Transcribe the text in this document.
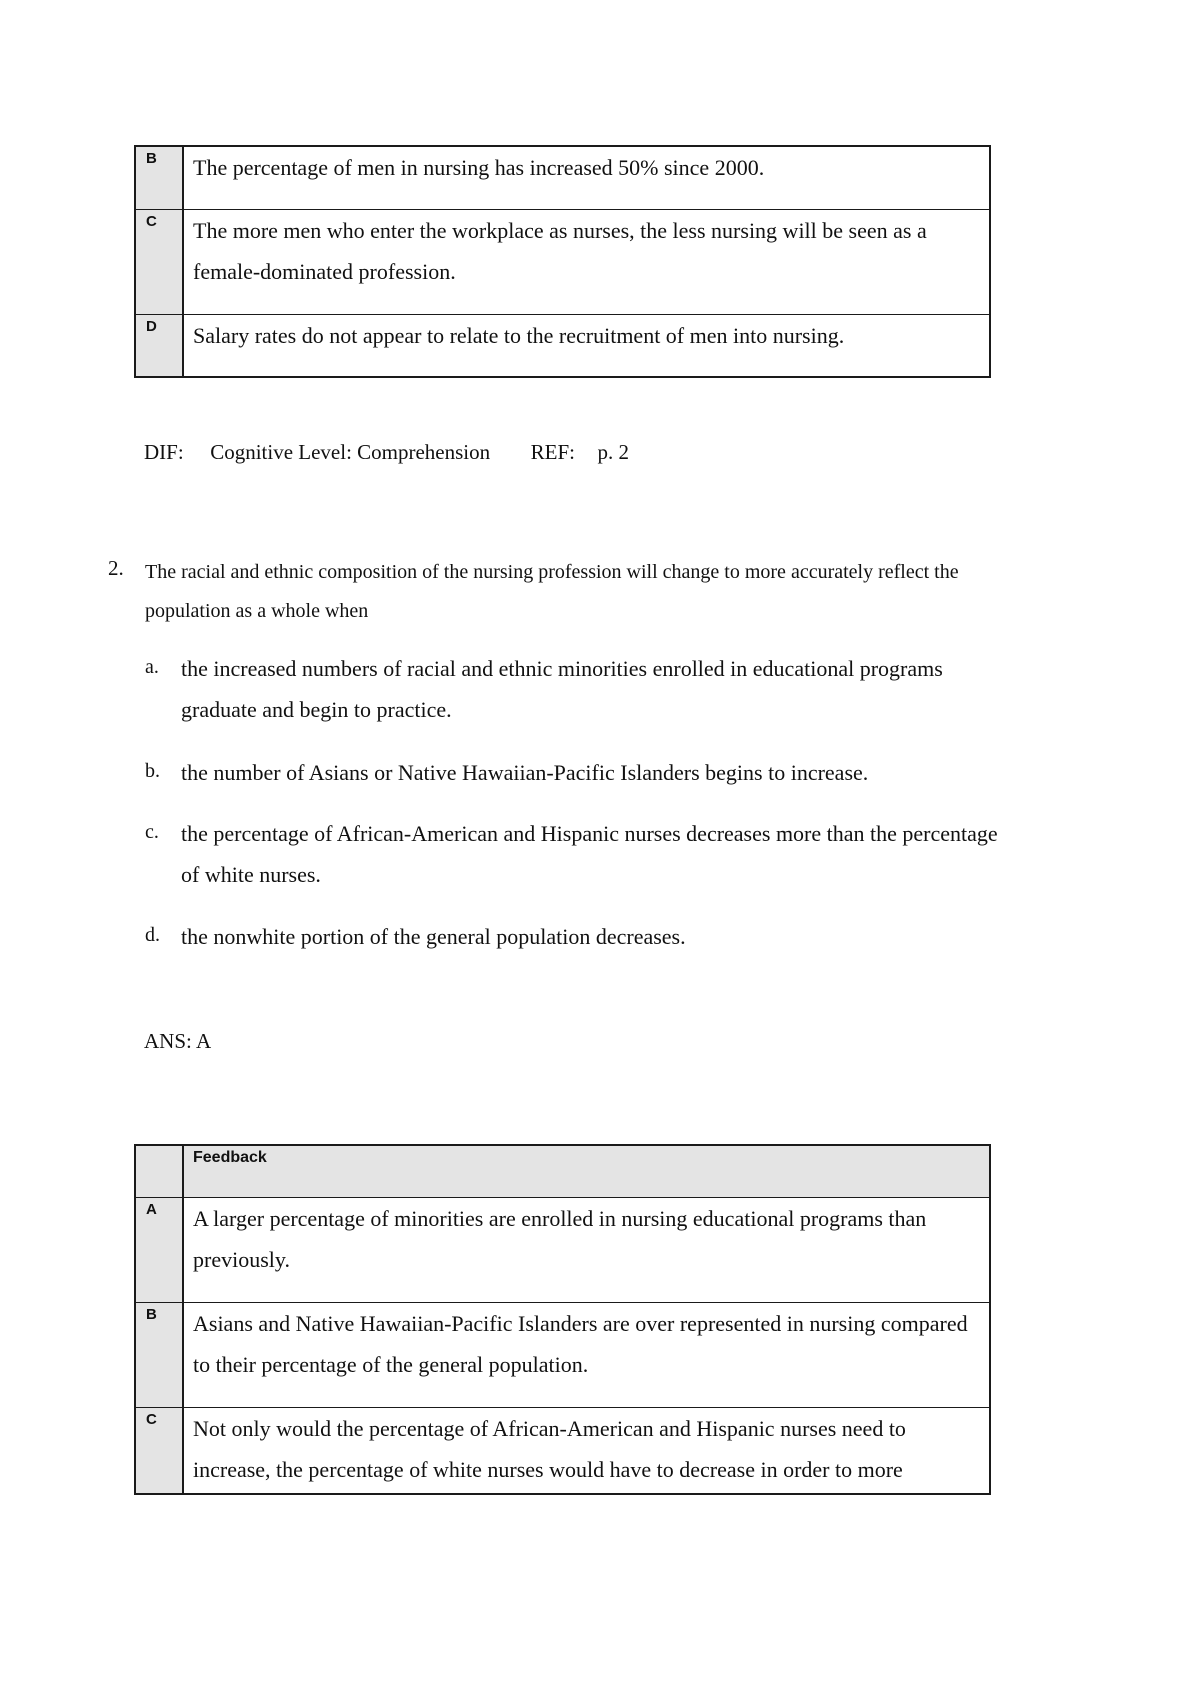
B	The percentage of men in nursing has increased 50% since 2000.
C	The more men who enter the workplace as nurses, the less nursing will be seen as a female-dominated profession.
D	Salary rates do not appear to relate to the recruitment of men into nursing.
DIF: Cognitive Level: Comprehension REF: p. 2
2. The racial and ethnic composition of the nursing profession will change to more accurately reflect the population as a whole when
a. the increased numbers of racial and ethnic minorities enrolled in educational programs graduate and begin to practice.
b. the number of Asians or Native Hawaiian-Pacific Islanders begins to increase.
c. the percentage of African-American and Hispanic nurses decreases more than the percentage of white nurses.
d. the nonwhite portion of the general population decreases.
ANS: A
	Feedback
A	A larger percentage of minorities are enrolled in nursing educational programs than previously.
B	Asians and Native Hawaiian-Pacific Islanders are over represented in nursing compared to their percentage of the general population.
C	Not only would the percentage of African-American and Hispanic nurses need to increase, the percentage of white nurses would have to decrease in order to more
